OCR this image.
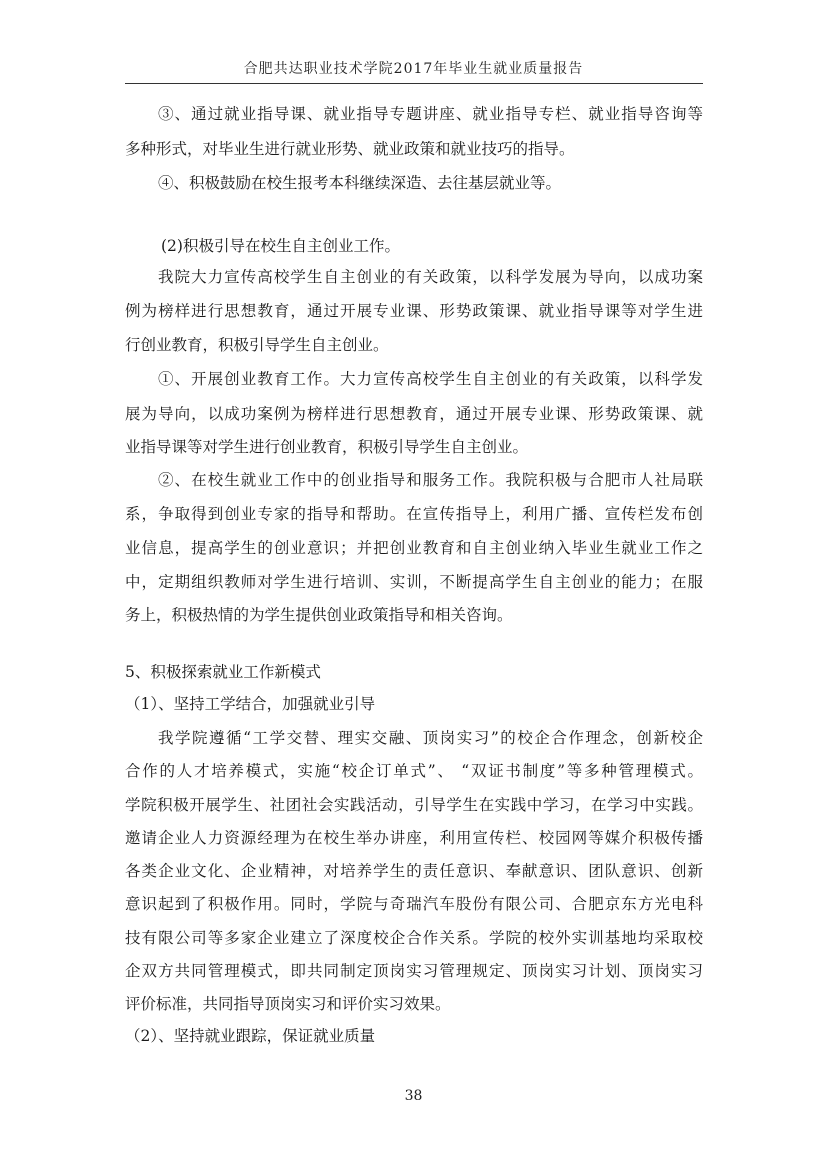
合肥共达职业技术学院2017年毕业生就业质量报告
③、通过就业指导课、就业指导专题讲座、就业指导专栏、就业指导咨询等
多种形式，对毕业生进行就业形势、就业政策和就业技巧的指导。
④、积极鼓励在校生报考本科继续深造、去往基层就业等。
(2)积极引导在校生自主创业工作。
我院大力宣传高校学生自主创业的有关政策，以科学发展为导向，以成功案
例为榜样进行思想教育，通过开展专业课、形势政策课、就业指导课等对学生进
行创业教育，积极引导学生自主创业。
①、开展创业教育工作。大力宣传高校学生自主创业的有关政策，以科学发
展为导向，以成功案例为榜样进行思想教育，通过开展专业课、形势政策课、就
业指导课等对学生进行创业教育，积极引导学生自主创业。
②、在校生就业工作中的创业指导和服务工作。我院积极与合肥市人社局联
系，争取得到创业专家的指导和帮助。在宣传指导上，利用广播、宣传栏发布创
业信息，提高学生的创业意识；并把创业教育和自主创业纳入毕业生就业工作之
中，定期组织教师对学生进行培训、实训，不断提高学生自主创业的能力；在服
务上，积极热情的为学生提供创业政策指导和相关咨询。
5、积极探索就业工作新模式
（1）、坚持工学结合，加强就业引导
我学院遵循“工学交替、理实交融、顶岗实习”的校企合作理念，创新校企
合作的人才培养模式，实施“校企订单式”、 “双证书制度”等多种管理模式。
学院积极开展学生、社团社会实践活动，引导学生在实践中学习，在学习中实践。
邀请企业人力资源经理为在校生举办讲座，利用宣传栏、校园网等媒介积极传播
各类企业文化、企业精神，对培养学生的责任意识、奉献意识、团队意识、创新
意识起到了积极作用。同时，学院与奇瑞汽车股份有限公司、合肥京东方光电科
技有限公司等多家企业建立了深度校企合作关系。学院的校外实训基地均采取校
企双方共同管理模式，即共同制定顶岗实习管理规定、顶岗实习计划、顶岗实习
评价标准，共同指导顶岗实习和评价实习效果。
（2）、坚持就业跟踪，保证就业质量
38
